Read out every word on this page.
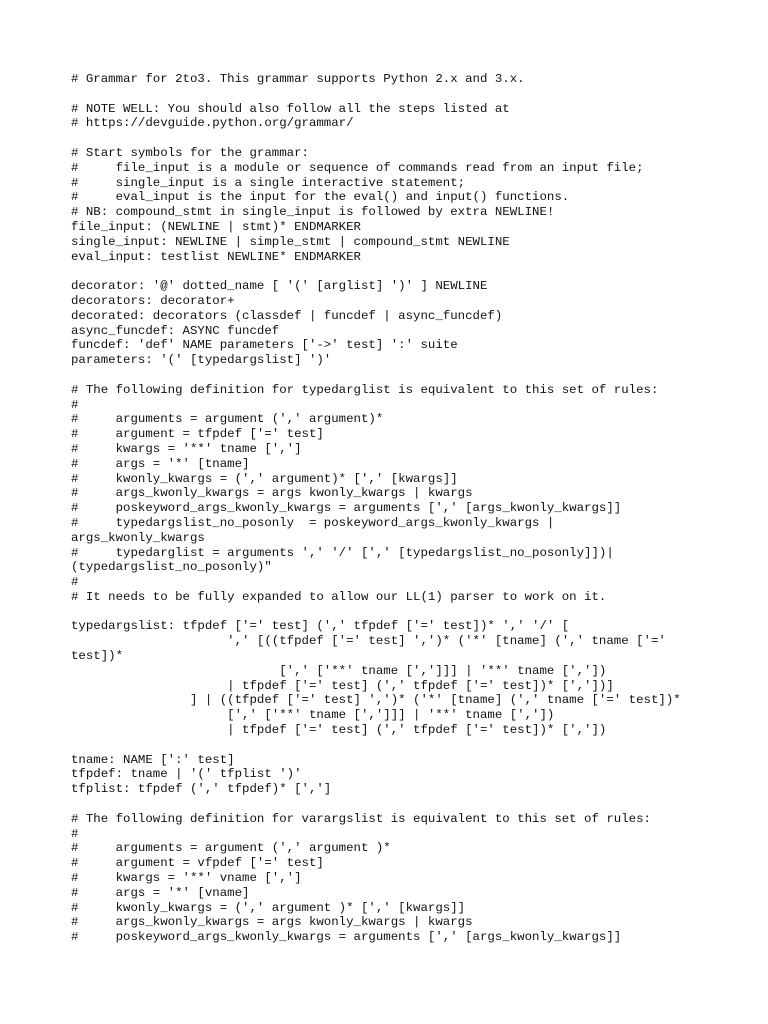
# Grammar for 2to3. This grammar supports Python 2.x and 3.x.
# NOTE WELL: You should also follow all the steps listed at
# https://devguide.python.org/grammar/
# Start symbols for the grammar:
#     file_input is a module or sequence of commands read from an input file;
#     single_input is a single interactive statement;
#     eval_input is the input for the eval() and input() functions.
# NB: compound_stmt in single_input is followed by extra NEWLINE!
file_input: (NEWLINE | stmt)* ENDMARKER
single_input: NEWLINE | simple_stmt | compound_stmt NEWLINE
eval_input: testlist NEWLINE* ENDMARKER
decorator: '@' dotted_name [ '(' [arglist] ')' ] NEWLINE
decorators: decorator+
decorated: decorators (classdef | funcdef | async_funcdef)
async_funcdef: ASYNC funcdef
funcdef: 'def' NAME parameters ['->' test] ':' suite
parameters: '(' [typedargslist] ')'
# The following definition for typedarglist is equivalent to this set of rules:
#
#     arguments = argument (',' argument)*
#     argument = tfpdef ['=' test]
#     kwargs = '**' tname [',']
#     args = '*' [tname]
#     kwonly_kwargs = (',' argument)* [',' [kwargs]]
#     args_kwonly_kwargs = args kwonly_kwargs | kwargs
#     poskeyword_args_kwonly_kwargs = arguments [',' [args_kwonly_kwargs]]
#     typedargslist_no_posonly  = poskeyword_args_kwonly_kwargs |
args_kwonly_kwargs
#     typedarglist = arguments ',' '/' [',' [typedargslist_no_posonly]])|
(typedargslist_no_posonly)"
#
# It needs to be fully expanded to allow our LL(1) parser to work on it.
typedargslist: tfpdef ['=' test] (',' tfpdef ['=' test])* ',' '/' [
',' [((tfpdef ['=' test] ',')* ('*' [tname] (',' tname ['='
test])*
[',' ['**' tname [',']]] | '**' tname [','])
| tfpdef ['=' test] (',' tfpdef ['=' test])* [','])]
] | ((tfpdef ['=' test] ',')* ('*' [tname] (',' tname ['=' test])*
[',' ['**' tname [',']]] | '**' tname [','])
| tfpdef ['=' test] (',' tfpdef ['=' test])* [','])
tname: NAME [':' test]
tfpdef: tname | '(' tfplist ')'
tfplist: tfpdef (',' tfpdef)* [',']
# The following definition for varargslist is equivalent to this set of rules:
#
#     arguments = argument (',' argument )*
#     argument = vfpdef ['=' test]
#     kwargs = '**' vname [',']
#     args = '*' [vname]
#     kwonly_kwargs = (',' argument )* [',' [kwargs]]
#     args_kwonly_kwargs = args kwonly_kwargs | kwargs
#     poskeyword_args_kwonly_kwargs = arguments [',' [args_kwonly_kwargs]]
